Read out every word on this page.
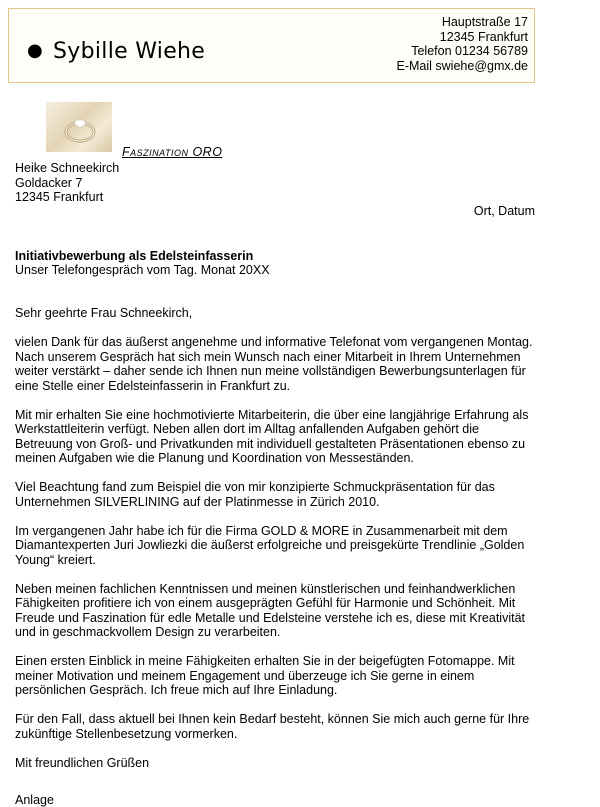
● Sybille Wiehe
Hauptstraße 17
12345 Frankfurt
Telefon 01234 56789
E-Mail swiehe@gmx.de
Faszination ORO
Heike Schneekirch
Goldacker 7
12345 Frankfurt
Ort, Datum
Initiativbewerbung als Edelsteinfasserin
Unser Telefongespräch vom Tag. Monat 20XX

Sehr geehrte Frau Schneekirch,

vielen Dank für das äußerst angenehme und informative Telefonat vom vergangenen Montag. Nach unserem Gespräch hat sich mein Wunsch nach einer Mitarbeit in Ihrem Unternehmen weiter verstärkt – daher sende ich Ihnen nun meine vollständigen Bewerbungsunterlagen für eine Stelle einer Edelsteinfasserin in Frankfurt zu.

Mit mir erhalten Sie eine hochmotivierte Mitarbeiterin, die über eine langjährige Erfahrung als Werkstattleiterin verfügt. Neben allen dort im Alltag anfallenden Aufgaben gehört die Betreuung von Groß- und Privatkunden mit individuell gestalteten Präsentationen ebenso zu meinen Aufgaben wie die Planung und Koordination von Messeständen.

Viel Beachtung fand zum Beispiel die von mir konzipierte Schmuckpräsentation für das Unternehmen SILVERLINING auf der Platinmesse in Zürich 2010.

Im vergangenen Jahr habe ich für die Firma GOLD & MORE in Zusammenarbeit mit dem Diamantexperten Juri Jowliezki die äußerst erfolgreiche und preisgekürte Trendlinie „Golden Young“ kreiert.

Neben meinen fachlichen Kenntnissen und meinen künstlerischen und feinhandwerklichen Fähigkeiten profitiere ich von einem ausgeprägten Gefühl für Harmonie und Schönheit. Mit Freude und Faszination für edle Metalle und Edelsteine verstehe ich es, diese mit Kreativität und in geschmackvollem Design zu verarbeiten.

Einen ersten Einblick in meine Fähigkeiten erhalten Sie in der beigefügten Fotomappe. Mit meiner Motivation und meinem Engagement und überzeuge ich Sie gerne in einem persönlichen Gespräch. Ich freue mich auf Ihre Einladung.

Für den Fall, dass aktuell bei Ihnen kein Bedarf besteht, können Sie mich auch gerne für Ihre zukünftige Stellenbesetzung vormerken.

Mit freundlichen Grüßen

Anlage
